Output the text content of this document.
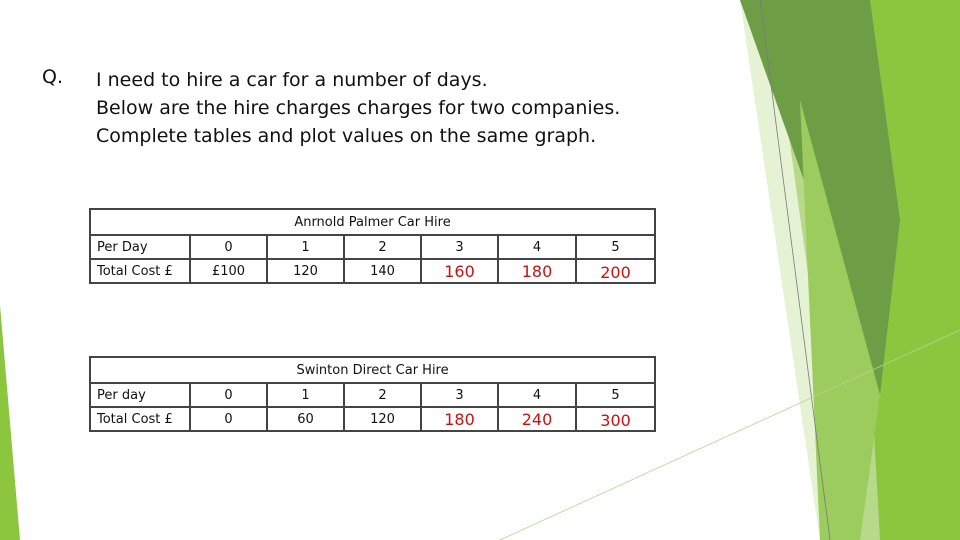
Q. I need to hire a car for a number of days.
Below are the hire charges charges for two companies.
Complete tables and plot values on the same graph.
Anrnold Palmer Car Hire						
Per Day	0	1	2	3	4	5
Total Cost £	£100	120	140	160	180	200
Swinton Direct Car Hire						
Per day	0	1	2	3	4	5
Total Cost £	0	60	120	180	240	300
